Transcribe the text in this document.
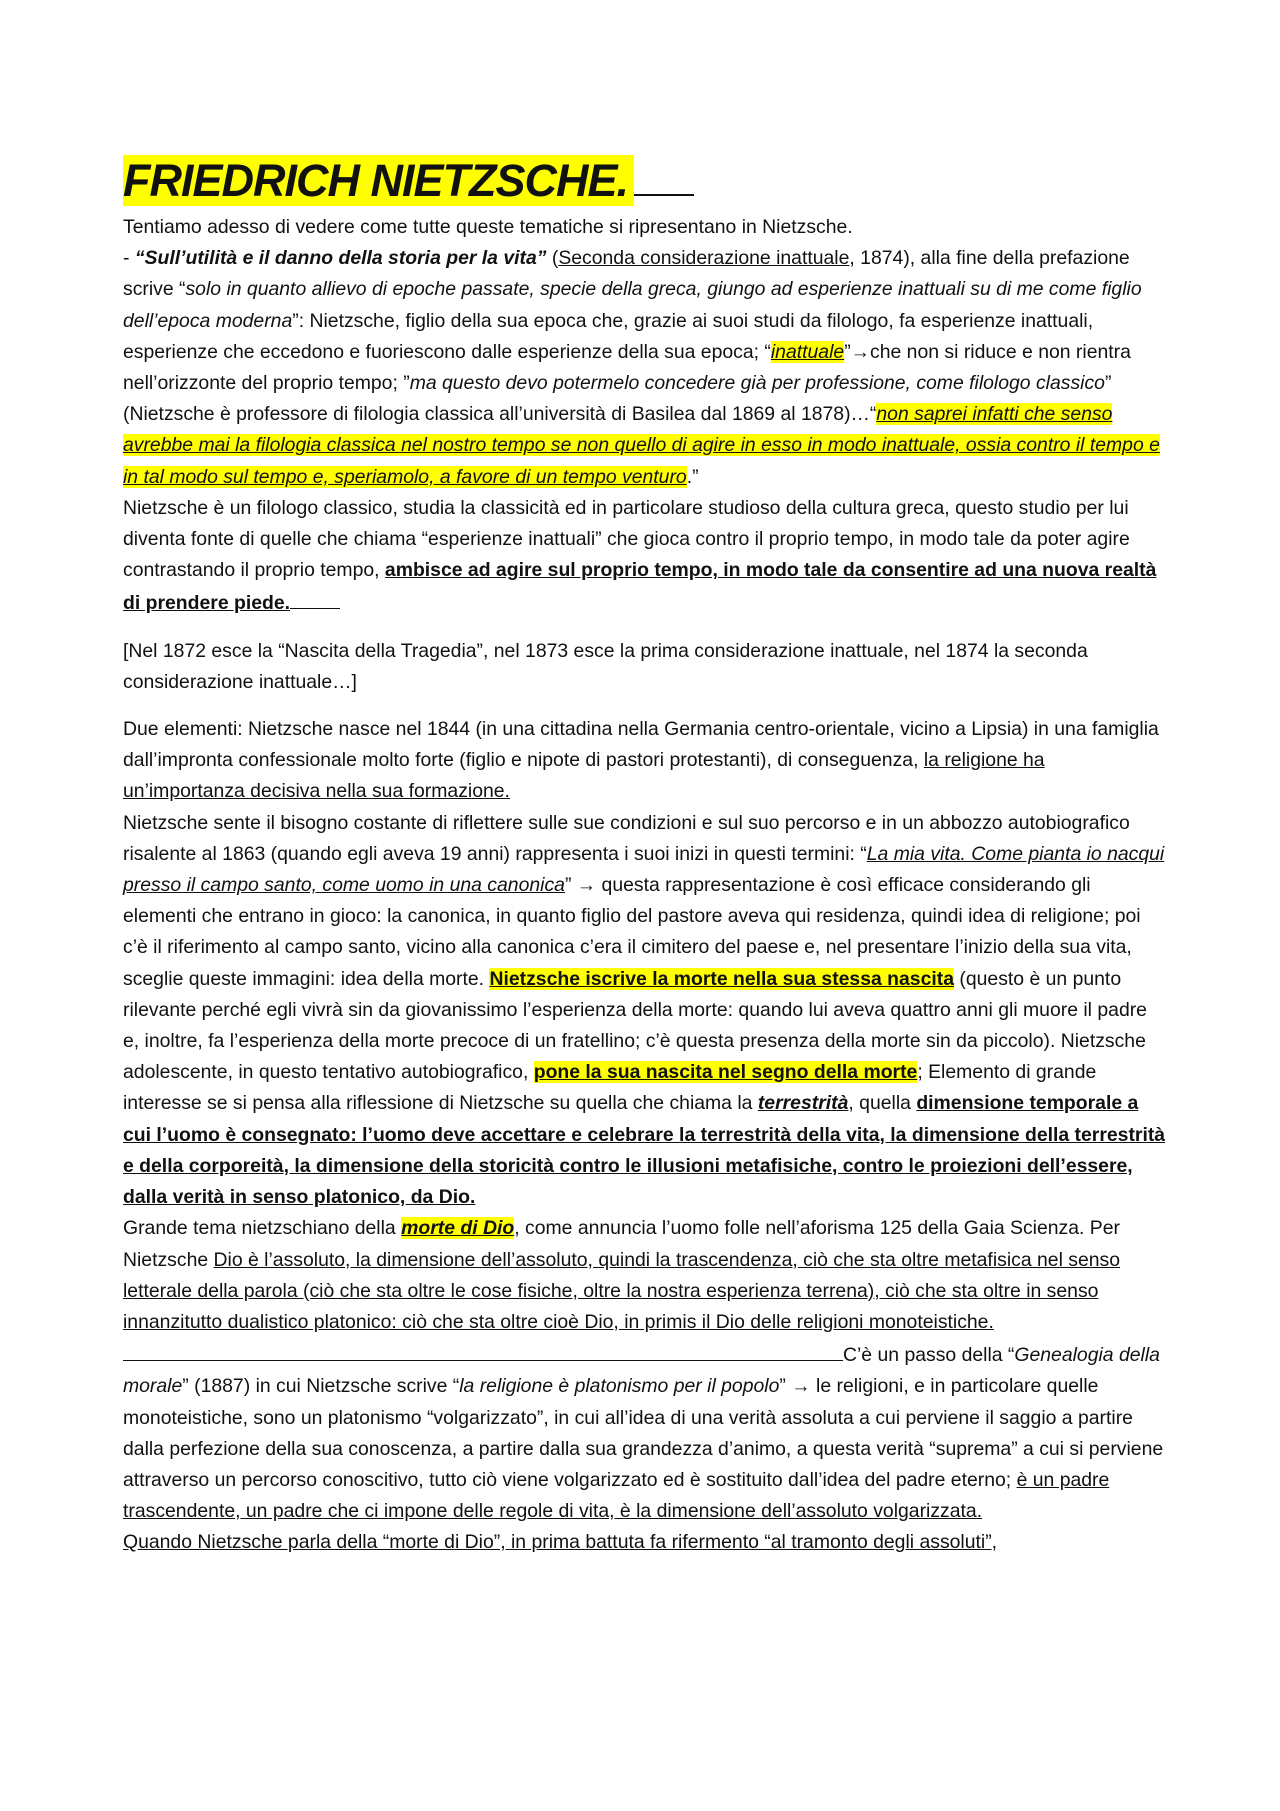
FRIEDRICH NIETZSCHE.

Tentiamo adesso di vedere come tutte queste tematiche si ripresentano in Nietzsche.
- “Sull’utilità e il danno della storia per la vita” (Seconda considerazione inattuale, 1874), alla fine della prefazione scrive “solo in quanto allievo di epoche passate, specie della greca, giungo ad esperienze inattuali su di me come figlio dell’epoca moderna”: Nietzsche, figlio della sua epoca che, grazie ai suoi studi da filologo, fa esperienze inattuali, esperienze che eccedono e fuoriescono dalle esperienze della sua epoca; “inattuale”→che non si riduce e non rientra nell’orizzonte del proprio tempo; ”ma questo devo potermelo concedere già per professione, come filologo classico” (Nietzsche è professore di filologia classica all’università di Basilea dal 1869 al 1878)…“non saprei infatti che senso avrebbe mai la filologia classica nel nostro tempo se non quello di agire in esso in modo inattuale, ossia contro il tempo e in tal modo sul tempo e, speriamolo, a favore di un tempo venturo.”

Nietzsche è un filologo classico, studia la classicità ed in particolare studioso della cultura greca, questo studio per lui diventa fonte di quelle che chiama “esperienze inattuali” che gioca contro il proprio tempo, in modo tale da poter agire contrastando il proprio tempo, ambisce ad agire sul proprio tempo, in modo tale da consentire ad una nuova realtà di prendere piede.

[Nel 1872 esce la “Nascita della Tragedia”, nel 1873 esce la prima considerazione inattuale, nel 1874 la seconda considerazione inattuale…]

Due elementi: Nietzsche nasce nel 1844 (in una cittadina nella Germania centro-orientale, vicino a Lipsia) in una famiglia dall’impronta confessionale molto forte (figlio e nipote di pastori protestanti), di conseguenza, la religione ha un’importanza decisiva nella sua formazione.

Nietzsche sente il bisogno costante di riflettere sulle sue condizioni e sul suo percorso e in un abbozzo autobiografico risalente al 1863 (quando egli aveva 19 anni) rappresenta i suoi inizi in questi termini: “La mia vita. Come pianta io nacqui presso il campo santo, come uomo in una canonica” → questa rappresentazione è così efficace considerando gli elementi che entrano in gioco: la canonica, in quanto figlio del pastore aveva qui residenza, quindi idea di religione; poi c’è il riferimento al campo santo, vicino alla canonica c’era il cimitero del paese e, nel presentare l’inizio della sua vita, sceglie queste immagini: idea della morte. Nietzsche iscrive la morte nella sua stessa nascita (questo è un punto rilevante perché egli vivrà sin da giovanissimo l’esperienza della morte: quando lui aveva quattro anni gli muore il padre e, inoltre, fa l’esperienza della morte precoce di un fratellino; c’è questa presenza della morte sin da piccolo). Nietzsche adolescente, in questo tentativo autobiografico, pone la sua nascita nel segno della morte; Elemento di grande interesse se si pensa alla riflessione di Nietzsche su quella che chiama la terrestrità, quella dimensione temporale a cui l’uomo è consegnato: l’uomo deve accettare e celebrare la terrestrità della vita, la dimensione della terrestrità e della corporeità, la dimensione della storicità contro le illusioni metafisiche, contro le proiezioni dell’essere, dalla verità in senso platonico, da Dio.

Grande tema nietzschiano della morte di Dio, come annuncia l’uomo folle nell’aforisma 125 della Gaia Scienza. Per Nietzsche Dio è l’assoluto, la dimensione dell’assoluto, quindi la trascendenza, ciò che sta oltre metafisica nel senso letterale della parola (ciò che sta oltre le cose fisiche, oltre la nostra esperienza terrena), ciò che sta oltre in senso innanzitutto dualistico platonico: ciò che sta oltre cioè Dio, in primis il Dio delle religioni monoteistiche.C’è un passo della “Genealogia della morale” (1887) in cui Nietzsche scrive “la religione è platonismo per il popolo” → le religioni, e in particolare quelle monoteistiche, sono un platonismo “volgarizzato”, in cui all’idea di una verità assoluta a cui perviene il saggio a partire dalla perfezione della sua conoscenza, a partire dalla sua grandezza d’animo, a questa verità “suprema” a cui si perviene attraverso un percorso conoscitivo, tutto ciò viene volgarizzato ed è sostituito dall’idea del padre eterno; è un padre trascendente, un padre che ci impone delle regole di vita, è la dimensione dell’assoluto volgarizzata.

Quando Nietzsche parla della “morte di Dio”, in prima battuta fa rifermento “al tramonto degli assoluti”,
